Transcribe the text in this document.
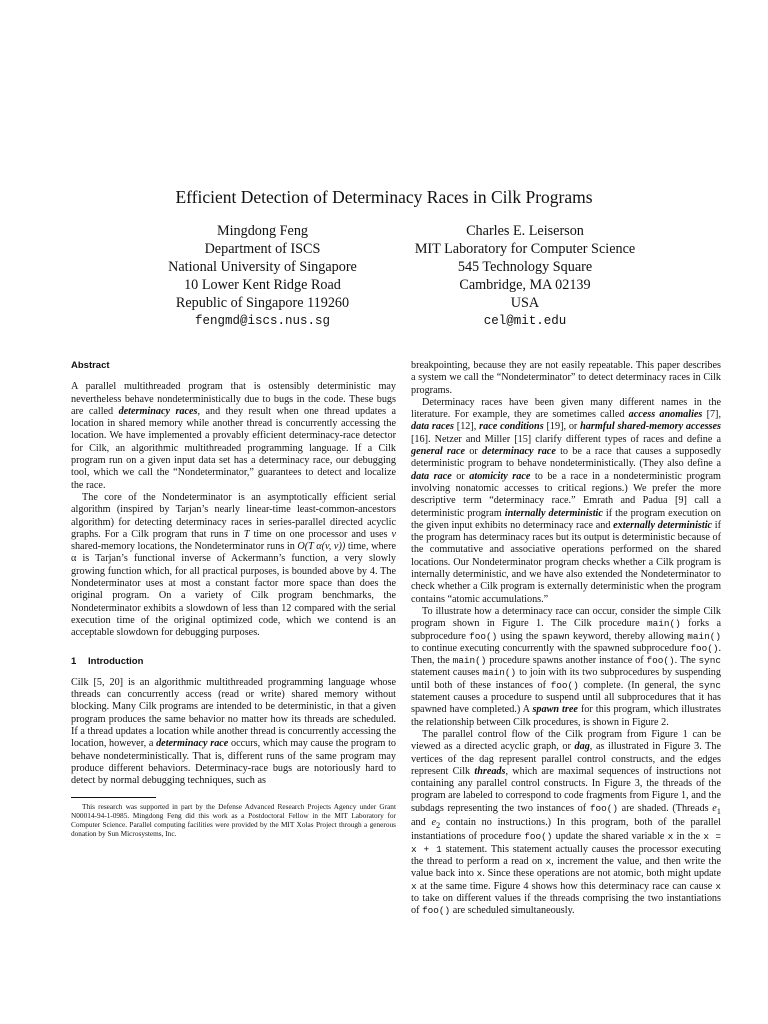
Efficient Detection of Determinacy Races in Cilk Programs
Mingdong Feng
Department of ISCS
National University of Singapore
10 Lower Kent Ridge Road
Republic of Singapore 119260
fengmd@iscs.nus.sg
Charles E. Leiserson
MIT Laboratory for Computer Science
545 Technology Square
Cambridge, MA 02139
USA
cel@mit.edu
Abstract

A parallel multithreaded program that is ostensibly deterministic may nevertheless behave nondeterministically due to bugs in the code. These bugs are called determinacy races, and they result when one thread updates a location in shared memory while another thread is concurrently accessing the location. We have implemented a provably efficient determinacy-race detector for Cilk, an algorithmic multithreaded programming language. If a Cilk program run on a given input data set has a determinacy race, our debugging tool, which we call the “Nondeterminator,” guarantees to detect and localize the race.

The core of the Nondeterminator is an asymptotically efficient serial algorithm (inspired by Tarjan’s nearly linear-time least-common-ancestors algorithm) for detecting determinacy races in series-parallel directed acyclic graphs. For a Cilk program that runs in T time on one processor and uses v shared-memory locations, the Nondeterminator runs in O(T α(v, v)) time, where α is Tarjan’s functional inverse of Ackermann’s function, a very slowly growing function which, for all practical purposes, is bounded above by 4. The Nondeterminator uses at most a constant factor more space than does the original program. On a variety of Cilk program benchmarks, the Nondeterminator exhibits a slowdown of less than 12 compared with the serial execution time of the original optimized code, which we contend is an acceptable slowdown for debugging purposes.

1 Introduction

Cilk [5, 20] is an algorithmic multithreaded programming language whose threads can concurrently access (read or write) shared memory without blocking. Many Cilk programs are intended to be deterministic, in that a given program produces the same behavior no matter how its threads are scheduled. If a thread updates a location while another thread is concurrently accessing the location, however, a determinacy race occurs, which may cause the program to behave nondeterministically. That is, different runs of the same program may produce different behaviors. Determinacy-race bugs are notoriously hard to detect by normal debugging techniques, such as

This research was supported in part by the Defense Advanced Research Projects Agency under Grant N00014-94-1-0985. Mingdong Feng did this work as a Postdoctoral Fellow in the MIT Laboratory for Computer Science. Parallel computing facilities were provided by the MIT Xolas Project through a generous donation by Sun Microsystems, Inc.

breakpointing, because they are not easily repeatable. This paper describes a system we call the “Nondeterminator” to detect determinacy races in Cilk programs.

Determinacy races have been given many different names in the literature. For example, they are sometimes called access anomalies [7], data races [12], race conditions [19], or harmful shared-memory accesses [16]. Netzer and Miller [15] clarify different types of races and define a general race or determinacy race to be a race that causes a supposedly deterministic program to behave nondeterministically. (They also define a data race or atomicity race to be a race in a nondeterministic program involving nonatomic accesses to critical regions.) We prefer the more descriptive term “determinacy race.” Emrath and Padua [9] call a deterministic program internally deterministic if the program execution on the given input exhibits no determinacy race and externally deterministic if the program has determinacy races but its output is deterministic because of the commutative and associative operations performed on the shared locations. Our Nondeterminator program checks whether a Cilk program is internally deterministic, and we have also extended the Nondeterminator to check whether a Cilk program is externally deterministic when the program contains “atomic accumulations.”

To illustrate how a determinacy race can occur, consider the simple Cilk program shown in Figure 1. The Cilk procedure main() forks a subprocedure foo() using the spawn keyword, thereby allowing main() to continue executing concurrently with the spawned subprocedure foo(). Then, the main() procedure spawns another instance of foo(). The sync statement causes main() to join with its two subprocedures by suspending until both of these instances of foo() complete. (In general, the sync statement causes a procedure to suspend until all subprocedures that it has spawned have completed.) A spawn tree for this program, which illustrates the relationship between Cilk procedures, is shown in Figure 2.

The parallel control flow of the Cilk program from Figure 1 can be viewed as a directed acyclic graph, or dag, as illustrated in Figure 3. The vertices of the dag represent parallel control constructs, and the edges represent Cilk threads, which are maximal sequences of instructions not containing any parallel control constructs. In Figure 3, the threads of the program are labeled to correspond to code fragments from Figure 1, and the subdags representing the two instances of foo() are shaded. (Threads $e_1$ and $e_2$ contain no instructions.) In this program, both of the parallel instantiations of procedure foo() update the shared variable x in the x = x + 1 statement. This statement actually causes the processor executing the thread to perform a read on x, increment the value, and then write the value back into x. Since these operations are not atomic, both might update x at the same time. Figure 4 shows how this determinacy race can cause x to take on different values if the threads comprising the two instantiations of foo() are scheduled simultaneously.
